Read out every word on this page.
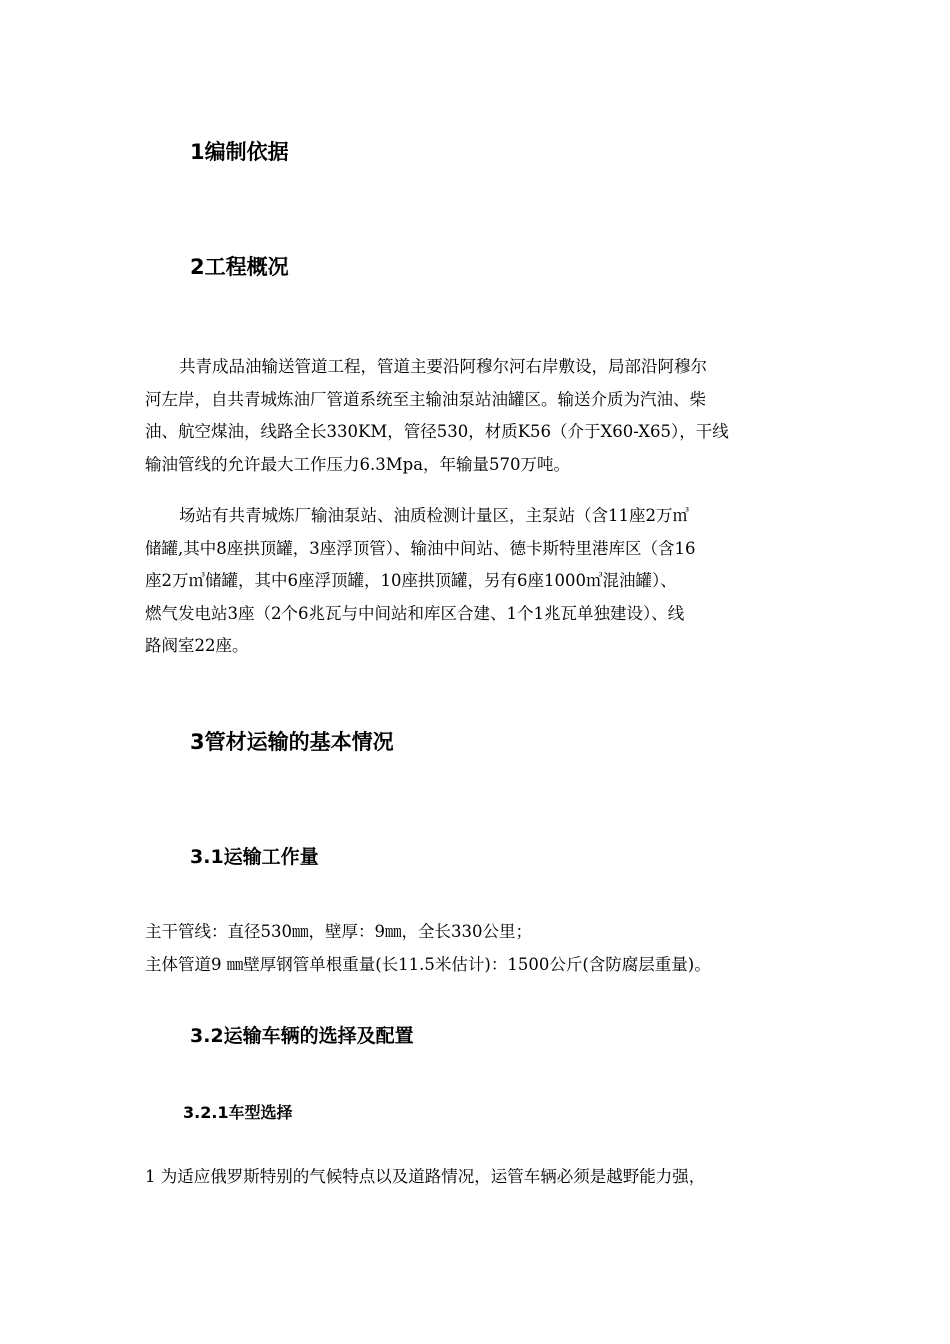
1编制依据
2工程概况
共青成品油输送管道工程，管道主要沿阿穆尔河右岸敷设，局部沿阿穆尔
河左岸，自共青城炼油厂管道系统至主输油泵站油罐区。输送介质为汽油、柴
油、航空煤油，线路全长330KM，管径530，材质K56（介于X60-X65），干线
输油管线的允许最大工作压力6.3Mpa，年输量570万吨。
场站有共青城炼厂输油泵站、油质检测计量区，主泵站（含11座2万㎥
储罐,其中8座拱顶罐，3座浮顶管）、输油中间站、德卡斯特里港库区（含16
座2万㎥储罐，其中6座浮顶罐，10座拱顶罐，另有6座1000㎥混油罐）、
燃气发电站3座（2个6兆瓦与中间站和库区合建、1个1兆瓦单独建设）、线
路阀室22座。
3管材运输的基本情况
3.1运输工作量
主干管线：直径530㎜，壁厚：9㎜，全长330公里；
主体管道9 ㎜壁厚钢管单根重量(长11.5米估计)：1500公斤(含防腐层重量)。
3.2运输车辆的选择及配置
3.2.1车型选择
1 为适应俄罗斯特别的气候特点以及道路情况，运管车辆必须是越野能力强，
